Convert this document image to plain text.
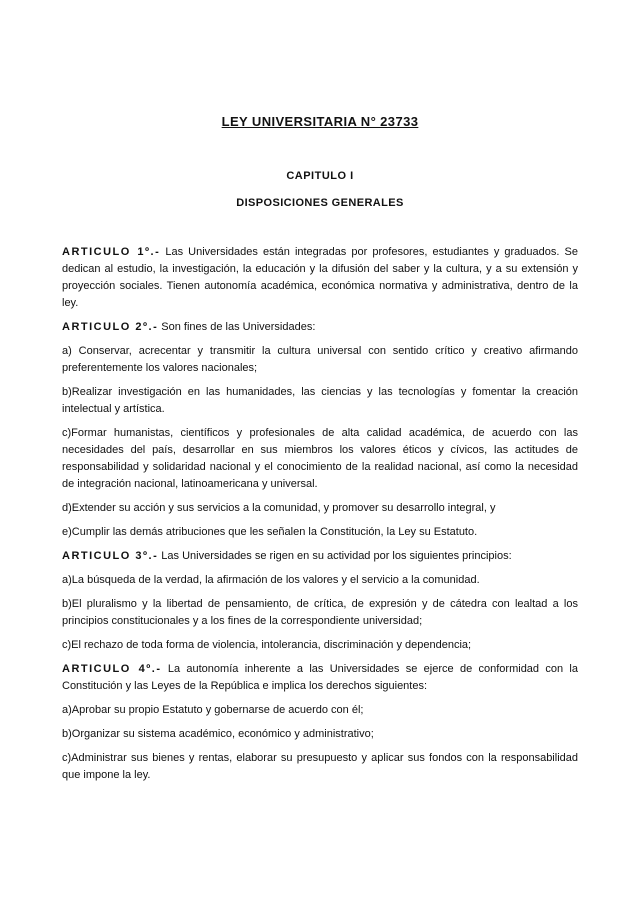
LEY UNIVERSITARIA N° 23733
CAPITULO I
DISPOSICIONES GENERALES

ARTICULO 1º.- Las Universidades están integradas por profesores, estudiantes y graduados. Se dedican al estudio, la investigación, la educación y la difusión del saber y la cultura, y a su extensión y proyección sociales. Tienen autonomía académica, económica normativa y administrativa, dentro de la ley.

ARTICULO 2º.- Son fines de las Universidades:

a) Conservar, acrecentar y transmitir la cultura universal con sentido crítico y creativo afirmando preferentemente los valores nacionales;

b)Realizar investigación en las humanidades, las ciencias y las tecnologías y fomentar la creación intelectual y artística.

c)Formar humanistas, científicos y profesionales de alta calidad académica, de acuerdo con las necesidades del país, desarrollar en sus miembros los valores éticos y cívicos, las actitudes de responsabilidad y solidaridad nacional y el conocimiento de la realidad nacional, así como la necesidad de integración nacional, latinoamericana y universal.

d)Extender su acción y sus servicios a la comunidad, y promover su desarrollo integral, y

e)Cumplir las demás atribuciones que les señalen la Constitución, la Ley su Estatuto.

ARTICULO 3º.- Las Universidades se rigen en su actividad por los siguientes principios:

a)La búsqueda de la verdad, la afirmación de los valores y el servicio a la comunidad.

b)El pluralismo y la libertad de pensamiento, de crítica, de expresión y de cátedra con lealtad a los principios constitucionales y a los fines de la correspondiente universidad;

c)El rechazo de toda forma de violencia, intolerancia, discriminación y dependencia;

ARTICULO 4º.- La autonomía inherente a las Universidades se ejerce de conformidad con la Constitución y las Leyes de la República e implica los derechos siguientes:

a)Aprobar su propio Estatuto y gobernarse de acuerdo con él;

b)Organizar su sistema académico, económico y administrativo;

c)Administrar sus bienes y rentas, elaborar su presupuesto y aplicar sus fondos con la responsabilidad que impone la ley.
